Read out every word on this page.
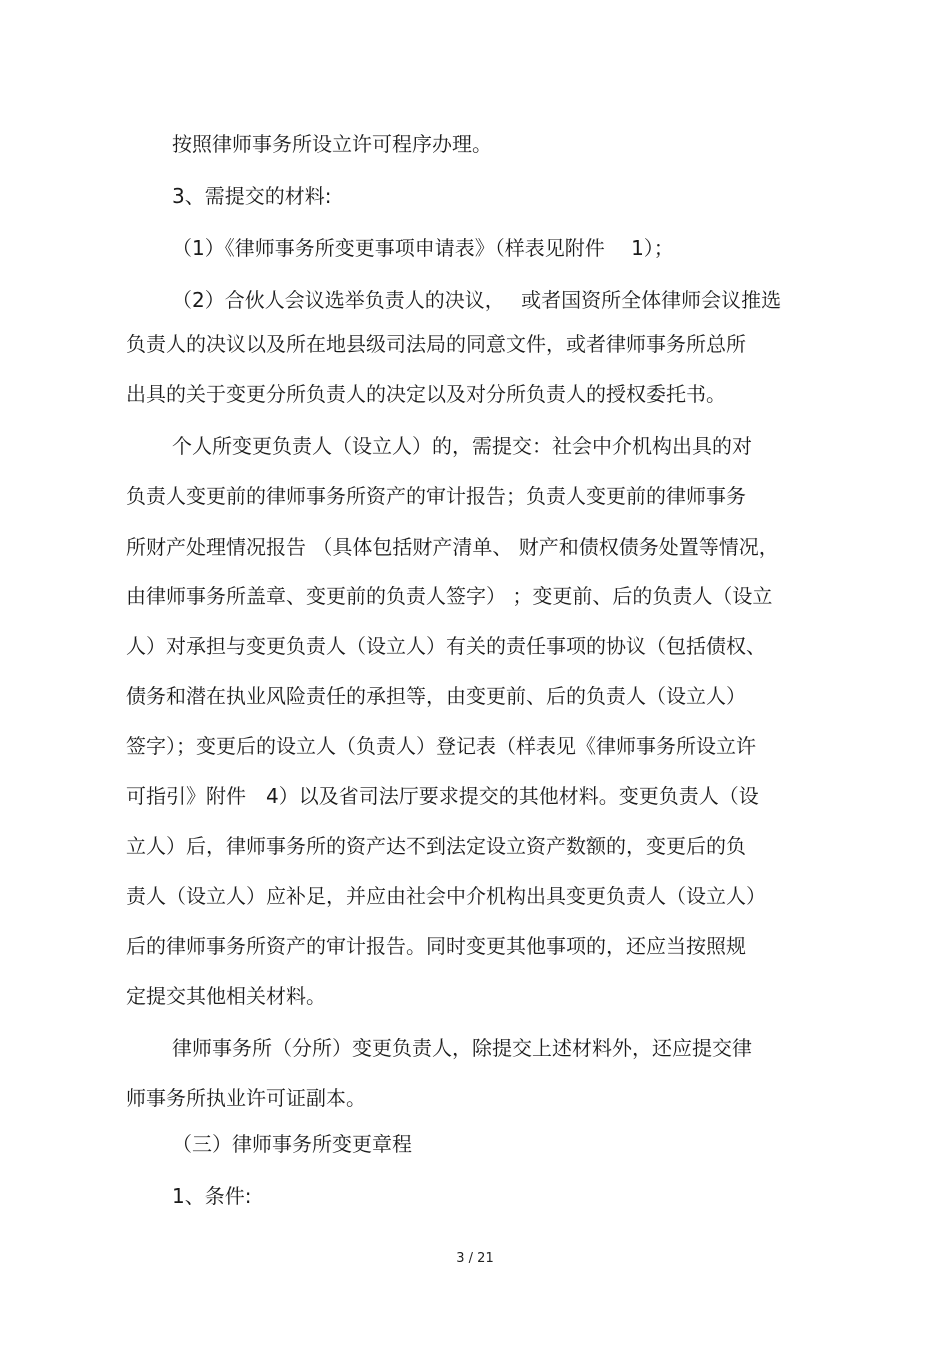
按照律师事务所设立许可程序办理。
3、需提交的材料:
（1）《律师事务所变更事项申请表》（样表见附件　 1）；
（2）合伙人会议选举负责人的决议，　 或者国资所全体律师会议推选
负责人的决议以及所在地县级司法局的同意文件，或者律师事务所总所
出具的关于变更分所负责人的决定以及对分所负责人的授权委托书。
个人所变更负责人（设立人）的，需提交：社会中介机构出具的对
负责人变更前的律师事务所资产的审计报告；负责人变更前的律师事务
所财产处理情况报告 （具体包括财产清单、 财产和债权债务处置等情况，
由律师事务所盖章、变更前的负责人签字） ；变更前、后的负责人（设立
人）对承担与变更负责人（设立人）有关的责任事项的协议（包括债权、
债务和潜在执业风险责任的承担等，由变更前、后的负责人（设立人）
签字）；变更后的设立人（负责人）登记表（样表见《律师事务所设立许
可指引》附件　4）以及省司法厅要求提交的其他材料。变更负责人（设
立人）后，律师事务所的资产达不到法定设立资产数额的，变更后的负
责人（设立人）应补足，并应由社会中介机构出具变更负责人（设立人）
后的律师事务所资产的审计报告。同时变更其他事项的，还应当按照规
定提交其他相关材料。
律师事务所（分所）变更负责人，除提交上述材料外，还应提交律
师事务所执业许可证副本。
（三）律师事务所变更章程
1、条件:
3 / 21
